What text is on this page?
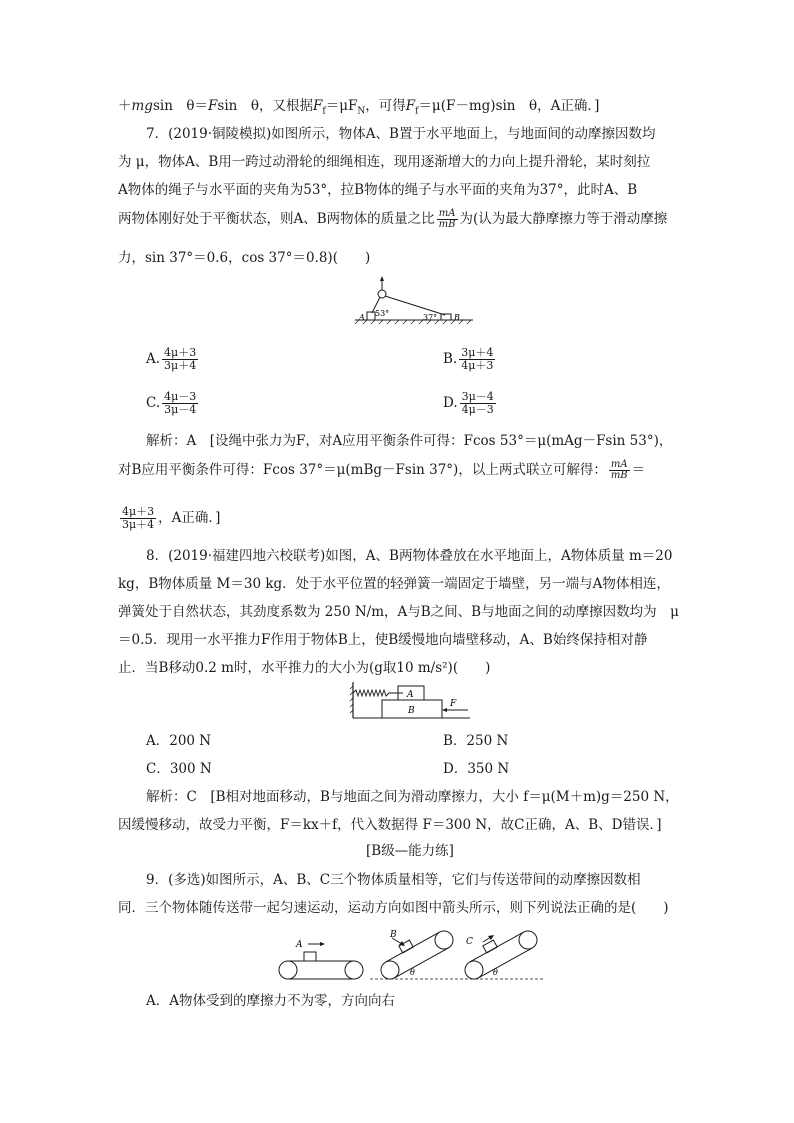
＋mgsin　θ＝Fsin　θ，又根据$F_f=\mu F_N$，可得$F_f=\mu(F-mg)\sin$　θ，A正确．]
7．(2019·铜陵模拟)如图所示，物体A、B置于水平地面上，与地面间的动摩擦因数均
为 μ，物体A、B用一跨过动滑轮的细绳相连，现用逐渐增大的力向上提升滑轮，某时刻拉
A物体的绳子与水平面的夹角为53°，拉B物体的绳子与水平面的夹角为37°，此时A、B
两物体刚好处于平衡状态，则A、B两物体的质量之比 $\frac{mA}{mB}$ 为(认为最大静摩擦力等于滑动摩擦
力，sin 37°＝0.6，cos 37°＝0.8)(　　)
A 53°	37° B
A. $\frac{4\mu+3}{3\mu+4}$	B. $\frac{3\mu+4}{4\mu+3}$
C. $\frac{4\mu-3}{3\mu-4}$	D. $\frac{3\mu-4}{4\mu-3}$
解析：A　[设绳中张力为F，对A应用平衡条件可得：Fcos 53°＝μ(mAg－Fsin 53°)，
对B应用平衡条件可得：Fcos 37°＝μ(mBg－Fsin 37°)，以上两式联立可解得： $\frac{mA}{mB}$ ＝
$\frac{4\mu+3}{3\mu+4}$ ，A正确．]
8．(2019·福建四地六校联考)如图，A、B两物体叠放在水平地面上，A物体质量 m＝20
kg，B物体质量 M＝30 kg．处于水平位置的轻弹簧一端固定于墙壁，另一端与A物体相连，
弹簧处于自然状态，其劲度系数为 250 N/m，A与B之间、B与地面之间的动摩擦因数均为　μ
＝0.5．现用一水平推力F作用于物体B上，使B缓慢地向墙壁移动，A、B始终保持相对静
止．当B移动0.2 m时，水平推力的大小为(g取10 m/s²)(　　)
A
B
F
A．200 N	B．250 N
C．300 N	D．350 N
解析：C　[B相对地面移动，B与地面之间为滑动摩擦力，大小 f＝μ(M＋m)g＝250 N，
因缓慢移动，故受力平衡，F＝kx＋f，代入数据得 F＝300 N，故C正确，A、B、D错误．]
[B级—能力练]
9．(多选)如图所示，A、B、C三个物体质量相等，它们与传送带间的动摩擦因数相
同．三个物体随传送带一起匀速运动，运动方向如图中箭头所示，则下列说法正确的是(　　)
A
B
θ
C
θ
A．A物体受到的摩擦力不为零，方向向右
